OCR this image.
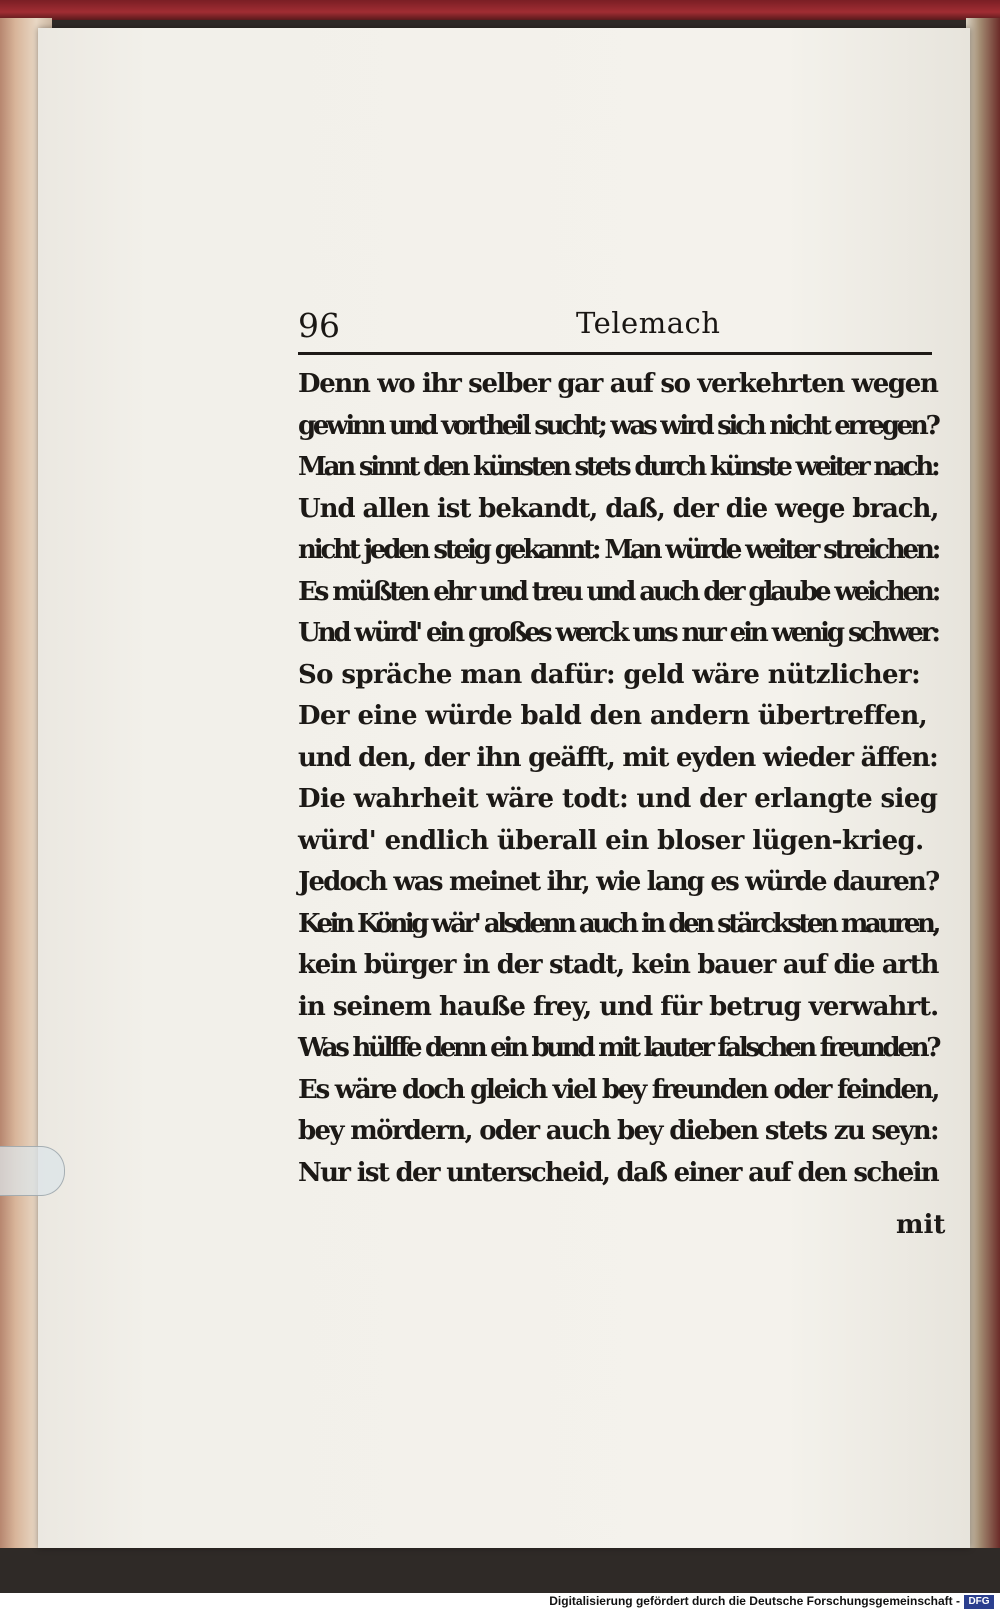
96	Telemach
Denn wo ihr selber gar auf so verkehrten wegen
gewinn und vortheil sucht; was wird sich nicht erregen?
Man sinnt den künsten stets durch künste weiter nach:
Und allen ist bekandt, daß, der die wege brach,
nicht jeden steig gekannt: Man würde weiter streichen:
Es müßten ehr und treu und auch der glaube weichen:
Und würd' ein großes werck uns nur ein wenig schwer:
So spräche man dafür: geld wäre nützlicher:
Der eine würde bald den andern übertreffen,
und den, der ihn geäfft, mit eyden wieder äffen:
Die wahrheit wäre todt: und der erlangte sieg
würd' endlich überall ein bloser lügen-krieg.
Jedoch was meinet ihr, wie lang es würde dauren?
Kein König wär' alsdenn auch in den stärcksten mauren,
kein bürger in der stadt, kein bauer auf die arth
in seinem hauße frey, und für betrug verwahrt.
Was hülffe denn ein bund mit lauter falschen freunden?
Es wäre doch gleich viel bey freunden oder feinden,
bey mördern, oder auch bey dieben stets zu seyn:
Nur ist der unterscheid, daß einer auf den schein
mit
Digitalisierung gefördert durch die Deutsche Forschungsgemeinschaft - DFG
